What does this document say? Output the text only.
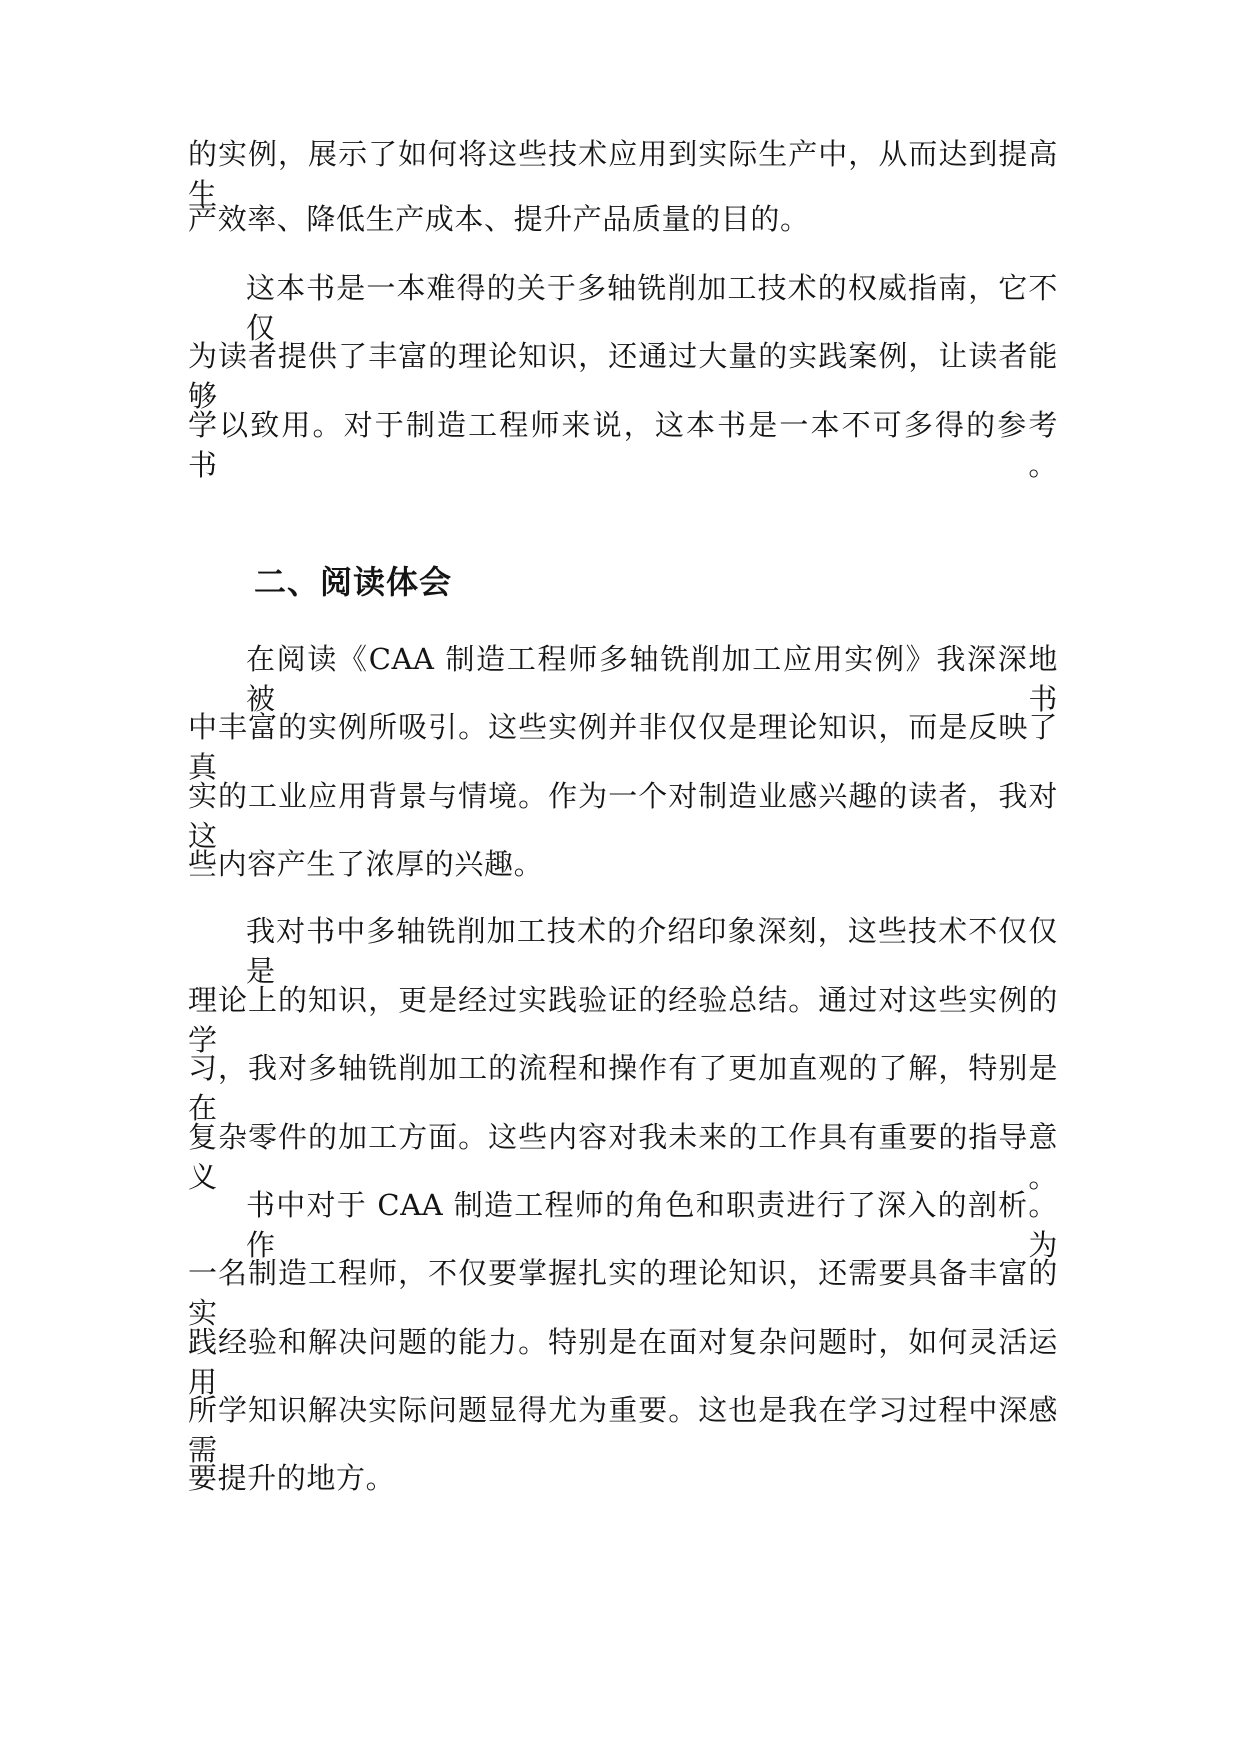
的实例，展示了如何将这些技术应用到实际生产中，从而达到提高生
产效率、降低生产成本、提升产品质量的目的。
这本书是一本难得的关于多轴铣削加工技术的权威指南，它不仅
为读者提供了丰富的理论知识，还通过大量的实践案例，让读者能够
学以致用。对于制造工程师来说，这本书是一本不可多得的参考书。
二、阅读体会
在阅读《CAA 制造工程师多轴铣削加工应用实例》我深深地被书
中丰富的实例所吸引。这些实例并非仅仅是理论知识，而是反映了真
实的工业应用背景与情境。作为一个对制造业感兴趣的读者，我对这
些内容产生了浓厚的兴趣。
我对书中多轴铣削加工技术的介绍印象深刻，这些技术不仅仅是
理论上的知识，更是经过实践验证的经验总结。通过对这些实例的学
习，我对多轴铣削加工的流程和操作有了更加直观的了解，特别是在
复杂零件的加工方面。这些内容对我未来的工作具有重要的指导意义。
书中对于 CAA 制造工程师的角色和职责进行了深入的剖析。作为
一名制造工程师，不仅要掌握扎实的理论知识，还需要具备丰富的实
践经验和解决问题的能力。特别是在面对复杂问题时，如何灵活运用
所学知识解决实际问题显得尤为重要。这也是我在学习过程中深感需
要提升的地方。
